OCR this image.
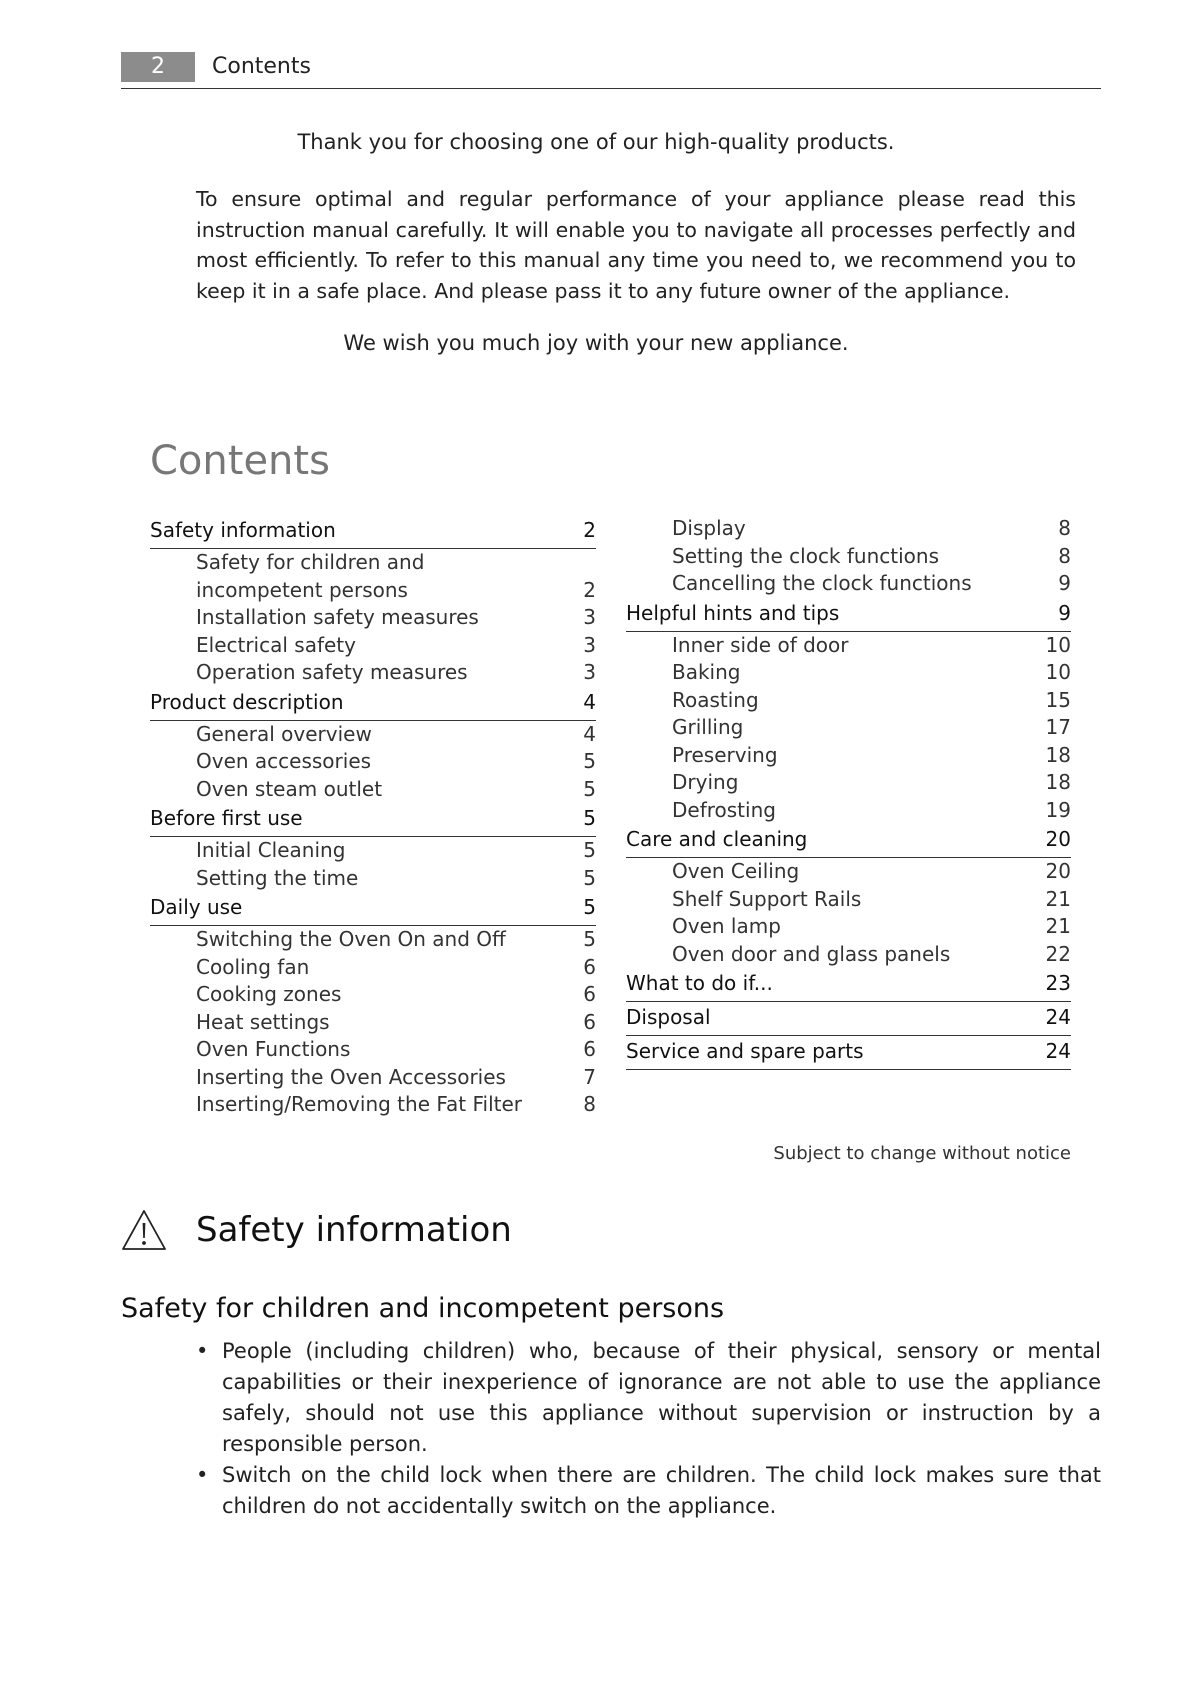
2	Contents
Thank you for choosing one of our high-quality products.
To ensure optimal and regular performance of your appliance please read this instruction manual carefully. It will enable you to navigate all processes perfectly and most efficiently. To refer to this manual any time you need to, we recommend you to keep it in a safe place. And please pass it to any future owner of the appliance.
We wish you much joy with your new appliance.
Contents
Safety information	2
Safety for children and incompetent persons	2
Installation safety measures	3
Electrical safety	3
Operation safety measures	3
Product description	4
General overview	4
Oven accessories	5
Oven steam outlet	5
Before first use	5
Initial Cleaning	5
Setting the time	5
Daily use	5
Switching the Oven On and Off	5
Cooling fan	6
Cooking zones	6
Heat settings	6
Oven Functions	6
Inserting the Oven Accessories	7
Inserting/Removing the Fat Filter	8
Display	8
Setting the clock functions	8
Cancelling the clock functions	9
Helpful hints and tips	9
Inner side of door	10
Baking	10
Roasting	15
Grilling	17
Preserving	18
Drying	18
Defrosting	19
Care and cleaning	20
Oven Ceiling	20
Shelf Support Rails	21
Oven lamp	21
Oven door and glass panels	22
What to do if...	23
Disposal	24
Service and spare parts	24
Subject to change without notice
Safety information
Safety for children and incompetent persons
• People (including children) who, because of their physical, sensory or mental capabilities or their inexperience of ignorance are not able to use the appliance safely, should not use this appliance without supervision or instruction by a responsible person.
• Switch on the child lock when there are children. The child lock makes sure that children do not accidentally switch on the appliance.
